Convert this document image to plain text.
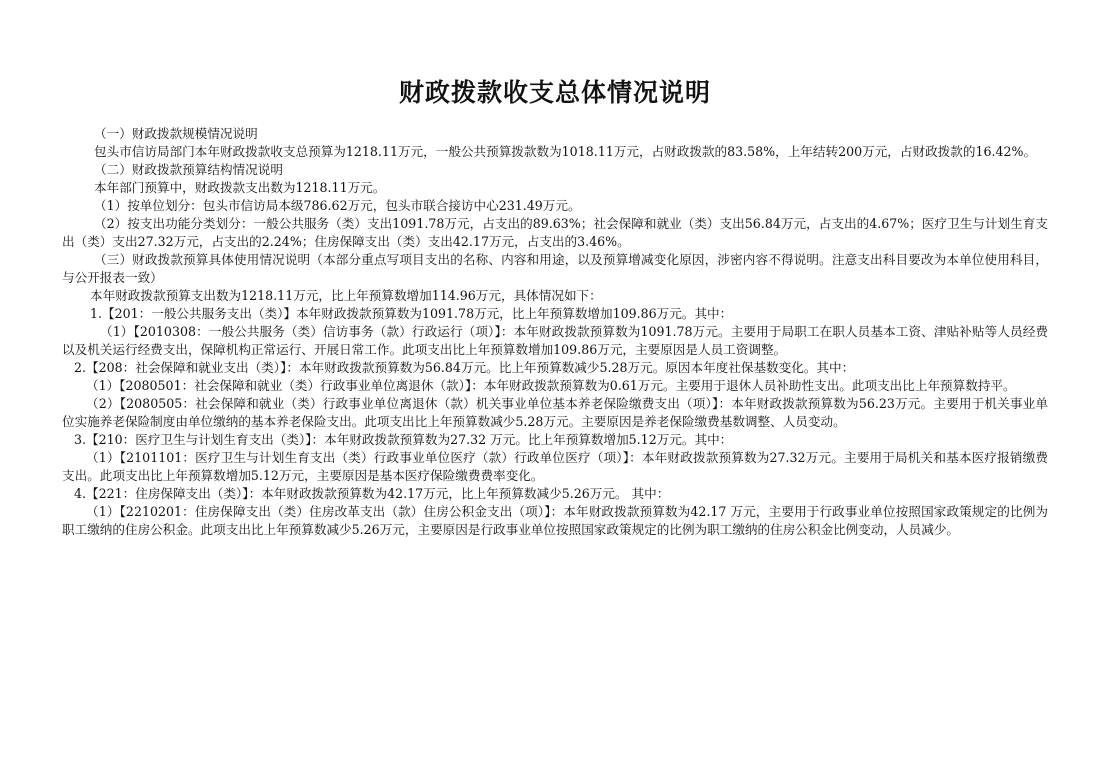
财政拨款收支总体情况说明

（一）财政拨款规模情况说明

包头市信访局部门本年财政拨款收支总预算为1218.11万元，一般公共预算拨款数为1018.11万元，占财政拨款的83.58%，上年结转200万元，占财政拨款的16.42%。

（二）财政拨款预算结构情况说明

本年部门预算中，财政拨款支出数为1218.11万元。

（1）按单位划分：包头市信访局本级786.62万元，包头市联合接访中心231.49万元。

（2）按支出功能分类划分：一般公共服务（类）支出1091.78万元，占支出的89.63%；社会保障和就业（类）支出56.84万元，占支出的4.67%；医疗卫生与计划生育支出（类）支出27.32万元，占支出的2.24%；住房保障支出（类）支出42.17万元，占支出的3.46%。

（三）财政拨款预算具体使用情况说明（本部分重点写项目支出的名称、内容和用途，以及预算增减变化原因，涉密内容不得说明。注意支出科目要改为本单位使用科目，与公开报表一致）

本年财政拨款预算支出数为1218.11万元，比上年预算数增加114.96万元，具体情况如下：

1.【201：一般公共服务支出（类）】本年财政拨款预算数为1091.78万元，比上年预算数增加109.86万元。其中：

（1）【2010308：一般公共服务（类）信访事务（款）行政运行（项）】：本年财政拨款预算数为1091.78万元。主要用于局职工在职人员基本工资、津贴补贴等人员经费以及机关运行经费支出，保障机构正常运行、开展日常工作。此项支出比上年预算数增加109.86万元，主要原因是人员工资调整。

2.【208：社会保障和就业支出（类）】：本年财政拨款预算数为56.84万元。比上年预算数减少5.28万元。原因本年度社保基数变化。其中：

（1）【2080501：社会保障和就业（类）行政事业单位离退休（款）】：本年财政拨款预算数为0.61万元。主要用于退休人员补助性支出。此项支出比上年预算数持平。

（2）【2080505：社会保障和就业（类）行政事业单位离退休（款）机关事业单位基本养老保险缴费支出（项）】：本年财政拨款预算数为56.23万元。主要用于机关事业单位实施养老保险制度由单位缴纳的基本养老保险支出。此项支出比上年预算数减少5.28万元。主要原因是养老保险缴费基数调整、人员变动。

3.【210：医疗卫生与计划生育支出（类）】：本年财政拨款预算数为27.32 万元。比上年预算数增加5.12万元。其中：

（1）【2101101：医疗卫生与计划生育支出（类）行政事业单位医疗（款）行政单位医疗（项）】：本年财政拨款预算数为27.32万元。主要用于局机关和基本医疗报销缴费支出。此项支出比上年预算数增加5.12万元，主要原因是基本医疗保险缴费费率变化。

4.【221：住房保障支出（类）】：本年财政拨款预算数为42.17万元，比上年预算数减少5.26万元。 其中：

（1）【2210201：住房保障支出（类）住房改革支出（款）住房公积金支出（项）】：本年财政拨款预算数为42.17 万元，主要用于行政事业单位按照国家政策规定的比例为职工缴纳的住房公积金。此项支出比上年预算数减少5.26万元，主要原因是行政事业单位按照国家政策规定的比例为职工缴纳的住房公积金比例变动，人员减少。
